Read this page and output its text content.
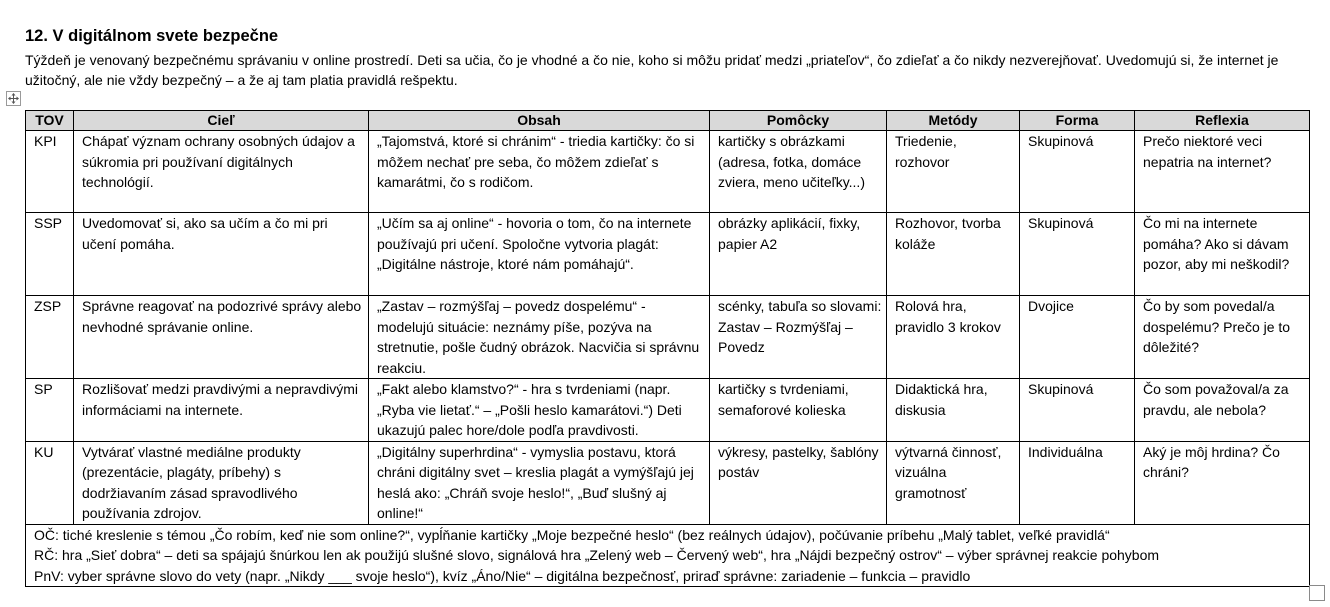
12. V digitálnom svete bezpečne

Týždeň je venovaný bezpečnému správaniu v online prostredí. Deti sa učia, čo je vhodné a čo nie, koho si môžu pridať medzi „priateľov“, čo zdieľať a čo nikdy nezverejňovať. Uvedomujú si, že internet je užitočný, ale nie vždy bezpečný – a že aj tam platia pravidlá rešpektu.

TOV	Cieľ	Obsah	Pomôcky	Metódy	Forma	Reflexia
KPI	Chápať význam ochrany osobných údajov a súkromia pri používaní digitálnych technológií.	„Tajomstvá, ktoré si chránim“ - triedia kartičky: čo si môžem nechať pre seba, čo môžem zdieľať s kamarátmi, čo s rodičom.	kartičky s obrázkami (adresa, fotka, domáce zviera, meno učiteľky...)	Triedenie, rozhovor	Skupinová	Prečo niektoré veci nepatria na internet?
SSP	Uvedomovať si, ako sa učím a čo mi pri učení pomáha.	„Učím sa aj online“ - hovoria o tom, čo na internete používajú pri učení. Spoločne vytvoria plagát: „Digitálne nástroje, ktoré nám pomáhajú“.	obrázky aplikácií, fixky, papier A2	Rozhovor, tvorba koláže	Skupinová	Čo mi na internete pomáha? Ako si dávam pozor, aby mi neškodil?
ZSP	Správne reagovať na podozrivé správy alebo nevhodné správanie online.	„Zastav – rozmýšľaj – povedz dospelému“ - modelujú situácie: neznámy píše, pozýva na stretnutie, pošle čudný obrázok. Nacvičia si správnu reakciu.	scénky, tabuľa so slovami: Zastav – Rozmýšľaj – Povedz	Rolová hra, pravidlo 3 krokov	Dvojice	Čo by som povedal/a dospelému? Prečo je to dôležité?
SP	Rozlišovať medzi pravdivými a nepravdivými informáciami na internete.	„Fakt alebo klamstvo?“ - hra s tvrdeniami (napr. „Ryba vie lietať.“ – „Pošli heslo kamarátovi.“) Deti ukazujú palec hore/dole podľa pravdivosti.	kartičky s tvrdeniami, semaforové kolieska	Didaktická hra, diskusia	Skupinová	Čo som považoval/a za pravdu, ale nebola?
KU	Vytvárať vlastné mediálne produkty (prezentácie, plagáty, príbehy) s dodržiavaním zásad spravodlivého používania zdrojov.	„Digitálny superhrdina“ - vymyslia postavu, ktorá chráni digitálny svet – kreslia plagát a vymýšľajú jej heslá ako: „Chráň svoje heslo!“, „Buď slušný aj online!“	výkresy, pastelky, šablóny postáv	výtvarná činnosť, vizuálna gramotnosť	Individuálna	Aký je môj hrdina? Čo chráni?

OČ: tiché kreslenie s témou „Čo robím, keď nie som online?“, vypĺňanie kartičky „Moje bezpečné heslo“ (bez reálnych údajov), počúvanie príbehu „Malý tablet, veľké pravidlá“
RČ: hra „Sieť dobra“ – deti sa spájajú šnúrkou len ak použijú slušné slovo, signálová hra „Zelený web – Červený web“, hra „Nájdi bezpečný ostrov“ – výber správnej reakcie pohybom
PnV: vyber správne slovo do vety (napr. „Nikdy ___ svoje heslo“), kvíz „Áno/Nie“ – digitálna bezpečnosť, priraď správne: zariadenie – funkcia – pravidlo						
